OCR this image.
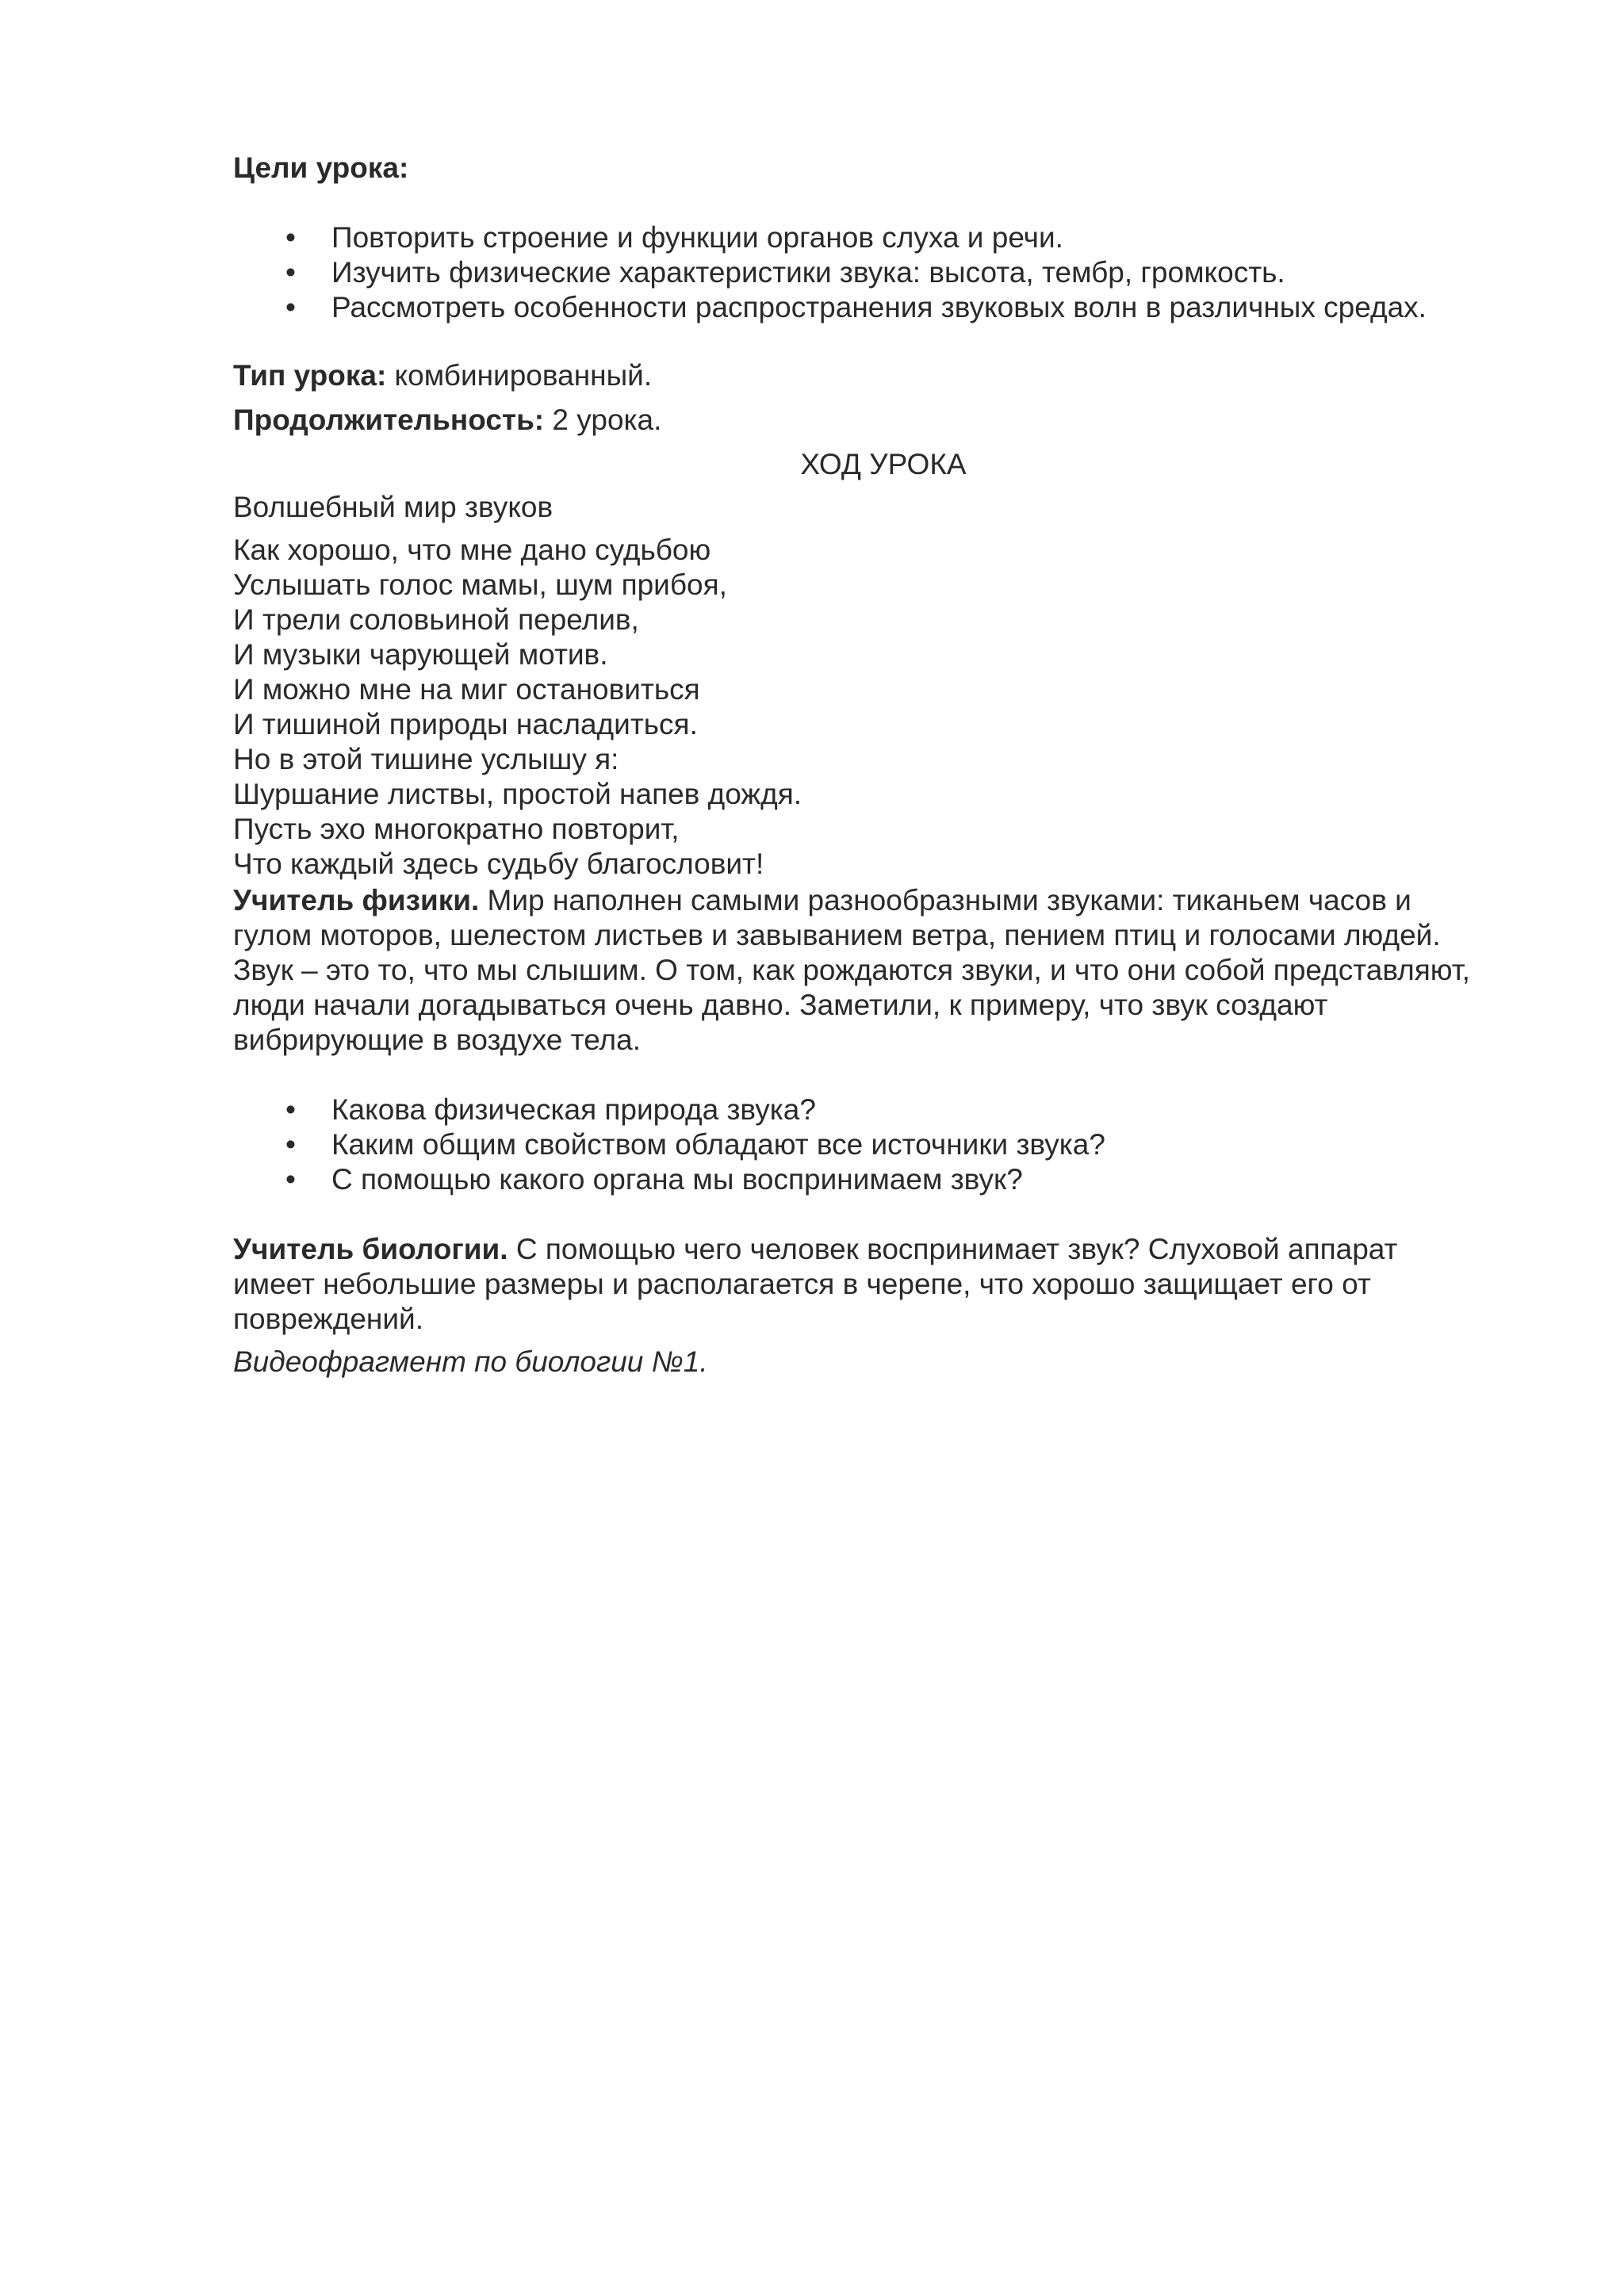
Цели урока:

• Повторить строение и функции органов слуха и речи.
• Изучить физические характеристики звука: высота, тембр, громкость.
• Рассмотреть особенности распространения звуковых волн в различных средах.

Тип урока: комбинированный.

Продолжительность: 2 урока.

ХОД УРОКА

Волшебный мир звуков

Как хорошо, что мне дано судьбою

Услышать голос мамы, шум прибоя,

И трели соловьиной перелив,

И музыки чарующей мотив.

И можно мне на миг остановиться

И тишиной природы насладиться.

Но в этой тишине услышу я:

Шуршание листвы, простой напев дождя.

Пусть эхо многократно повторит,

Что каждый здесь судьбу благословит!

Учитель физики. Мир наполнен самыми разнообразными звуками: тиканьем часов и

гулом моторов, шелестом листьев и завыванием ветра, пением птиц и голосами людей.

Звук – это то, что мы слышим. О том, как рождаются звуки, и что они собой представляют,

люди начали догадываться очень давно. Заметили, к примеру, что звук создают

вибрирующие в воздухе тела.

• Какова физическая природа звука?
• Каким общим свойством обладают все источники звука?
• С помощью какого органа мы воспринимаем звук?

Учитель биологии. С помощью чего человек воспринимает звук? Слуховой аппарат

имеет небольшие размеры и располагается в черепе, что хорошо защищает его от

повреждений.

Видеофрагмент по биологии №1.
